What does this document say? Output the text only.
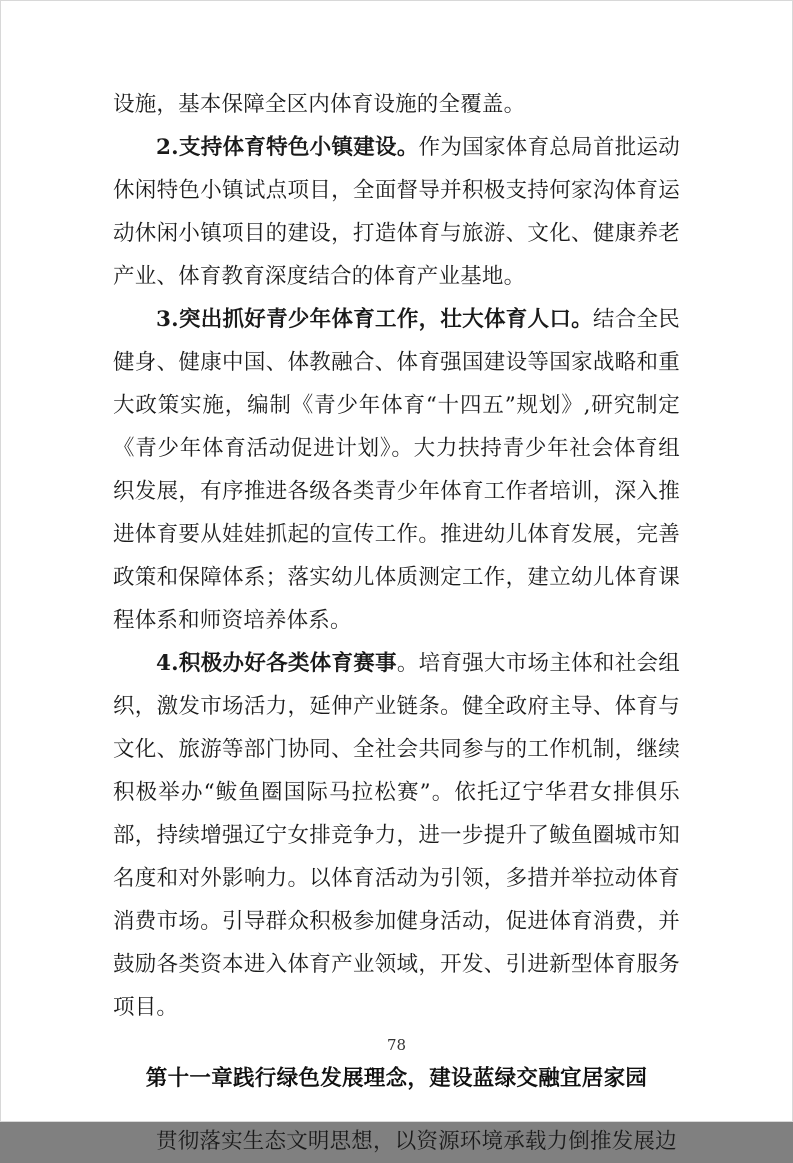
设施，基本保障全区内体育设施的全覆盖。

2.支持体育特色小镇建设。作为国家体育总局首批运动休闲特色小镇试点项目，全面督导并积极支持何家沟体育运动休闲小镇项目的建设，打造体育与旅游、文化、健康养老产业、体育教育深度结合的体育产业基地。

3.突出抓好青少年体育工作，壮大体育人口。结合全民健身、健康中国、体教融合、体育强国建设等国家战略和重大政策实施，编制《青少年体育“十四五”规划》,研究制定《青少年体育活动促进计划》。大力扶持青少年社会体育组织发展，有序推进各级各类青少年体育工作者培训，深入推进体育要从娃娃抓起的宣传工作。推进幼儿体育发展，完善政策和保障体系；落实幼儿体质测定工作，建立幼儿体育课程体系和师资培养体系。

4.积极办好各类体育赛事。培育强大市场主体和社会组织，激发市场活力，延伸产业链条。健全政府主导、体育与文化、旅游等部门协同、全社会共同参与的工作机制，继续积极举办“鲅鱼圈国际马拉松赛”。依托辽宁华君女排俱乐部，持续增强辽宁女排竞争力，进一步提升了鲅鱼圈城市知名度和对外影响力。以体育活动为引领，多措并举拉动体育消费市场。引导群众积极参加健身活动，促进体育消费，并鼓励各类资本进入体育产业领域，开发、引进新型体育服务项目。

第十一章践行绿色发展理念，建设蓝绿交融宜居家园

贯彻落实生态文明思想，以资源环境承载力倒推发展边

78
